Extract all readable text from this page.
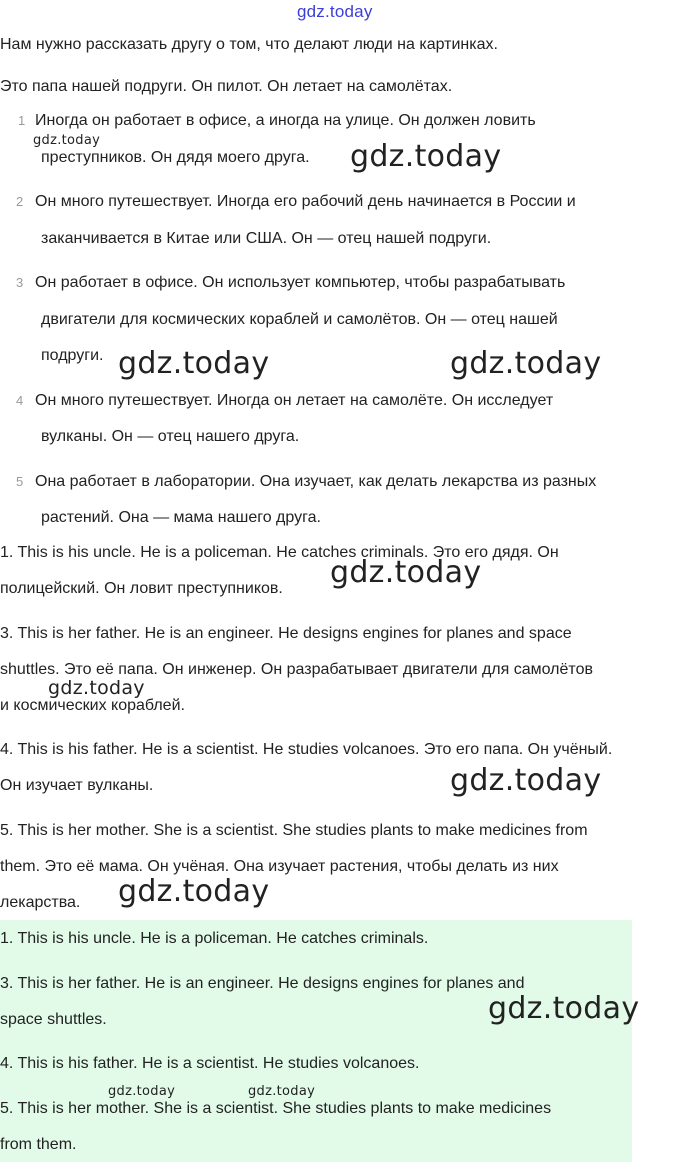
gdz.today
Нам нужно рассказать другу о том, что делают люди на картинках.
Это папа нашей подруги. Он пилот. Он летает на самолётах.
1 Иногда он работает в офисе, а иногда на улице. Он должен ловить
преступников. Он дядя моего друга.
2 Он много путешествует. Иногда его рабочий день начинается в России и
заканчивается в Китае или США. Он — отец нашей подруги.
3 Он работает в офисе. Он использует компьютер, чтобы разрабатывать
двигатели для космических кораблей и самолётов. Он — отец нашей
подруги.
4 Он много путешествует. Иногда он летает на самолёте. Он исследует
вулканы. Он — отец нашего друга.
5 Она работает в лаборатории. Она изучает, как делать лекарства из разных
растений. Она — мама нашего друга.
1. This is his uncle. He is a policeman. He catches criminals. Это его дядя. Он
полицейский. Он ловит преступников.
3. This is her father. He is an engineer. He designs engines for planes and space
shuttles. Это её папа. Он инженер. Он разрабатывает двигатели для самолётов
и космических кораблей.
4. This is his father. He is a scientist. He studies volcanoes. Это его папа. Он учёный.
Он изучает вулканы.
5. This is her mother. She is a scientist. She studies plants to make medicines from
them. Это её мама. Он учёная. Она изучает растения, чтобы делать из них
лекарства.
1. This is his uncle. He is a policeman. He catches criminals.
3. This is her father. He is an engineer. He designs engines for planes and
space shuttles.
4. This is his father. He is a scientist. He studies volcanoes.
5. This is her mother. She is a scientist. She studies plants to make medicines
from them.
gdz.today	gdz.today
gdz.today	gdz.today
gdz.today
gdz.today
gdz.today
gdz.today
gdz.today
gdz.today	gdz.today
